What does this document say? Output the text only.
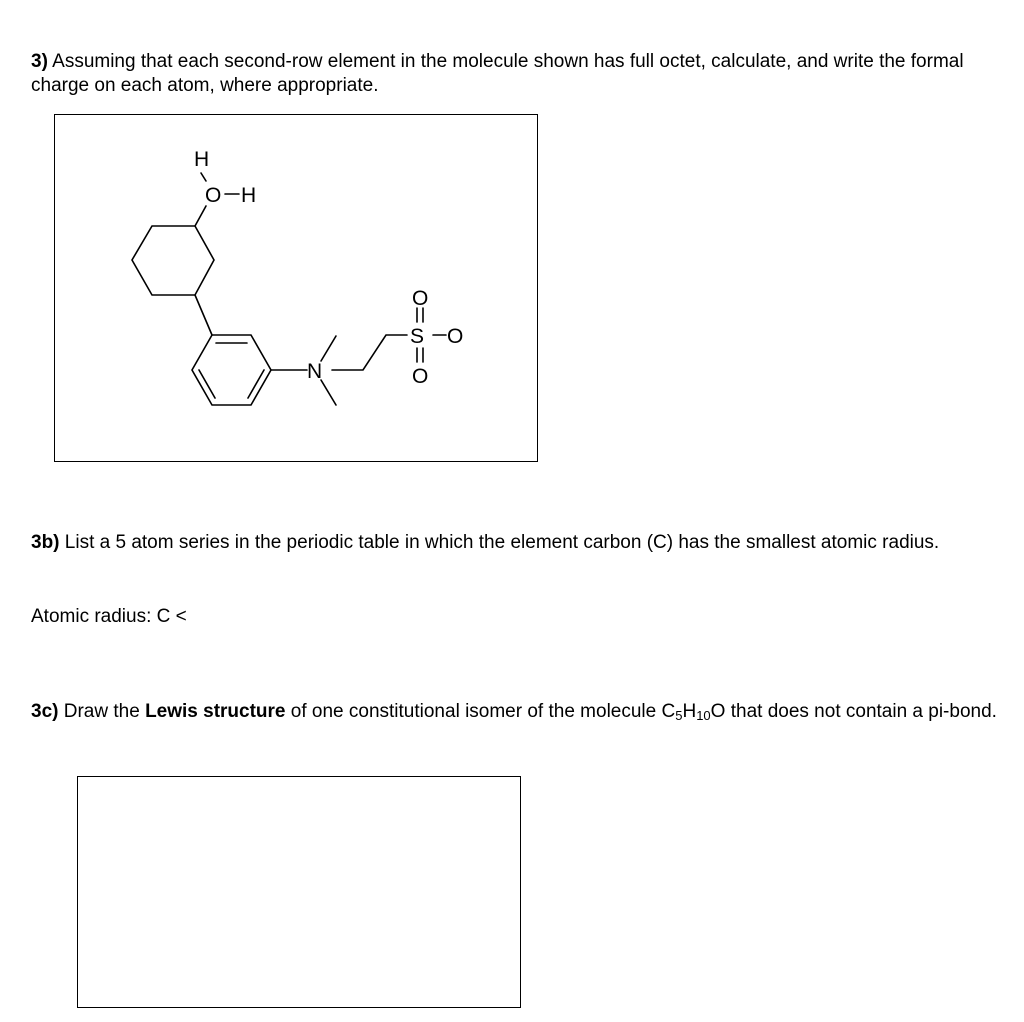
3) Assuming that each second-row element in the molecule shown has full octet, calculate, and write the formal charge on each atom, where appropriate.

H
O H
N
S
O
O
O

3b) List a 5 atom series in the periodic table in which the element carbon (C) has the smallest atomic radius.

Atomic radius: C <

3c) Draw the Lewis structure of one constitutional isomer of the molecule $C_5H_{10}O$ that does not contain a pi-bond.
